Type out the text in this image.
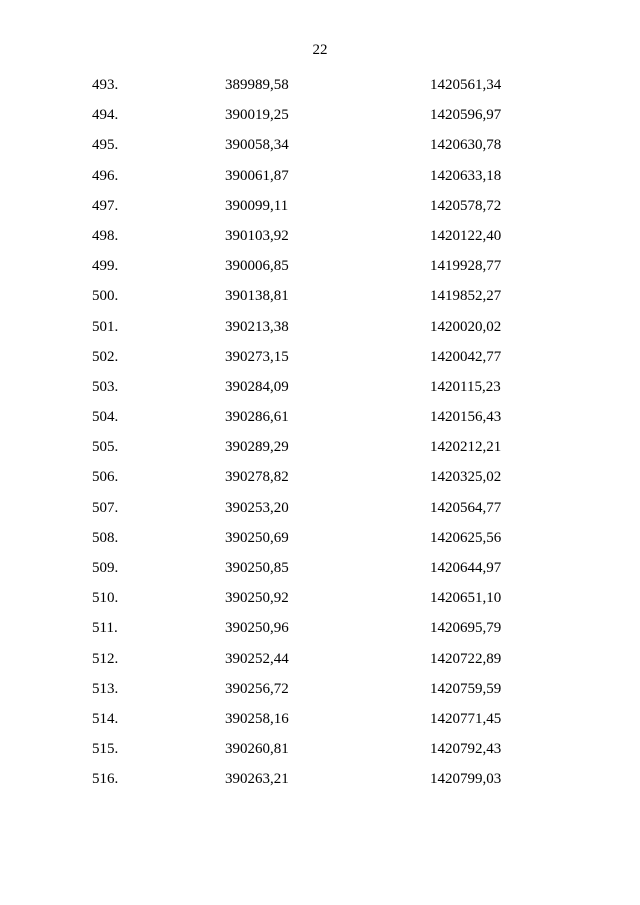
22
493.	389989,58	1420561,34
494.	390019,25	1420596,97
495.	390058,34	1420630,78
496.	390061,87	1420633,18
497.	390099,11	1420578,72
498.	390103,92	1420122,40
499.	390006,85	1419928,77
500.	390138,81	1419852,27
501.	390213,38	1420020,02
502.	390273,15	1420042,77
503.	390284,09	1420115,23
504.	390286,61	1420156,43
505.	390289,29	1420212,21
506.	390278,82	1420325,02
507.	390253,20	1420564,77
508.	390250,69	1420625,56
509.	390250,85	1420644,97
510.	390250,92	1420651,10
511.	390250,96	1420695,79
512.	390252,44	1420722,89
513.	390256,72	1420759,59
514.	390258,16	1420771,45
515.	390260,81	1420792,43
516.	390263,21	1420799,03
